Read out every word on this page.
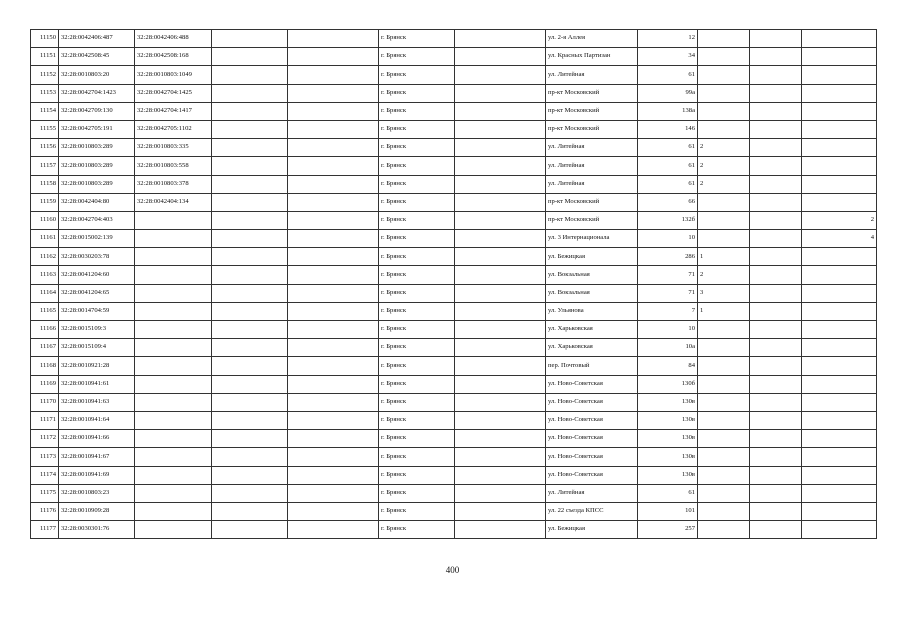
11150	32:28:0042406:487	32:28:0042406:488			г. Брянск		ул. 2-я Аллея	12			
11151	32:28:0042508:45	32:28:0042508:168			г. Брянск		ул. Красных Партизан	34			
11152	32:28:0010803:20	32:28:0010803:1049			г. Брянск		ул. Литейная	61			
11153	32:28:0042704:1423	32:28:0042704:1425			г. Брянск		пр-кт Московский	99а			
11154	32:28:0042709:130	32:28:0042704:1417			г. Брянск		пр-кт Московский	138а			
11155	32:28:0042705:191	32:28:0042705:1102			г. Брянск		пр-кт Московский	146			
11156	32:28:0010803:289	32:28:0010803:335			г. Брянск		ул. Литейная	61	2		
11157	32:28:0010803:289	32:28:0010803:558			г. Брянск		ул. Литейная	61	2		
11158	32:28:0010803:289	32:28:0010803:378			г. Брянск		ул. Литейная	61	2		
11159	32:28:0042404:80	32:28:0042404:134			г. Брянск		пр-кт Московский	66			
11160	32:28:0042704:403				г. Брянск		пр-кт Московский	132б			2
11161	32:28:0015002:139				г. Брянск		ул. 3 Интернационала	10			4
11162	32:28:0030203:78				г. Брянск		ул. Бежицкая	286	1		
11163	32:28:0041204:60				г. Брянск		ул. Вокзальная	71	2		
11164	32:28:0041204:65				г. Брянск		ул. Вокзальная	71	3		
11165	32:28:0014704:59				г. Брянск		ул. Ульянова	7	1		
11166	32:28:0015109:3				г. Брянск		ул. Харьковская	10			
11167	32:28:0015109:4				г. Брянск		ул. Харьковская	10а			
11168	32:28:0010921:28				г. Брянск		пер. Почтовый	84			
11169	32:28:0010941:61				г. Брянск		ул. Ново-Советская	130б			
11170	32:28:0010941:63				г. Брянск		ул. Ново-Советская	130в			
11171	32:28:0010941:64				г. Брянск		ул. Ново-Советская	130в			
11172	32:28:0010941:66				г. Брянск		ул. Ново-Советская	130в			
11173	32:28:0010941:67				г. Брянск		ул. Ново-Советская	130в			
11174	32:28:0010941:69				г. Брянск		ул. Ново-Советская	130в			
11175	32:28:0010803:23				г. Брянск		ул. Литейная	61			
11176	32:28:0010909:28				г. Брянск		ул. 22 съезда КПСС	101			
11177	32:28:0030301:76				г. Брянск		ул. Бежицкая	257			
400
